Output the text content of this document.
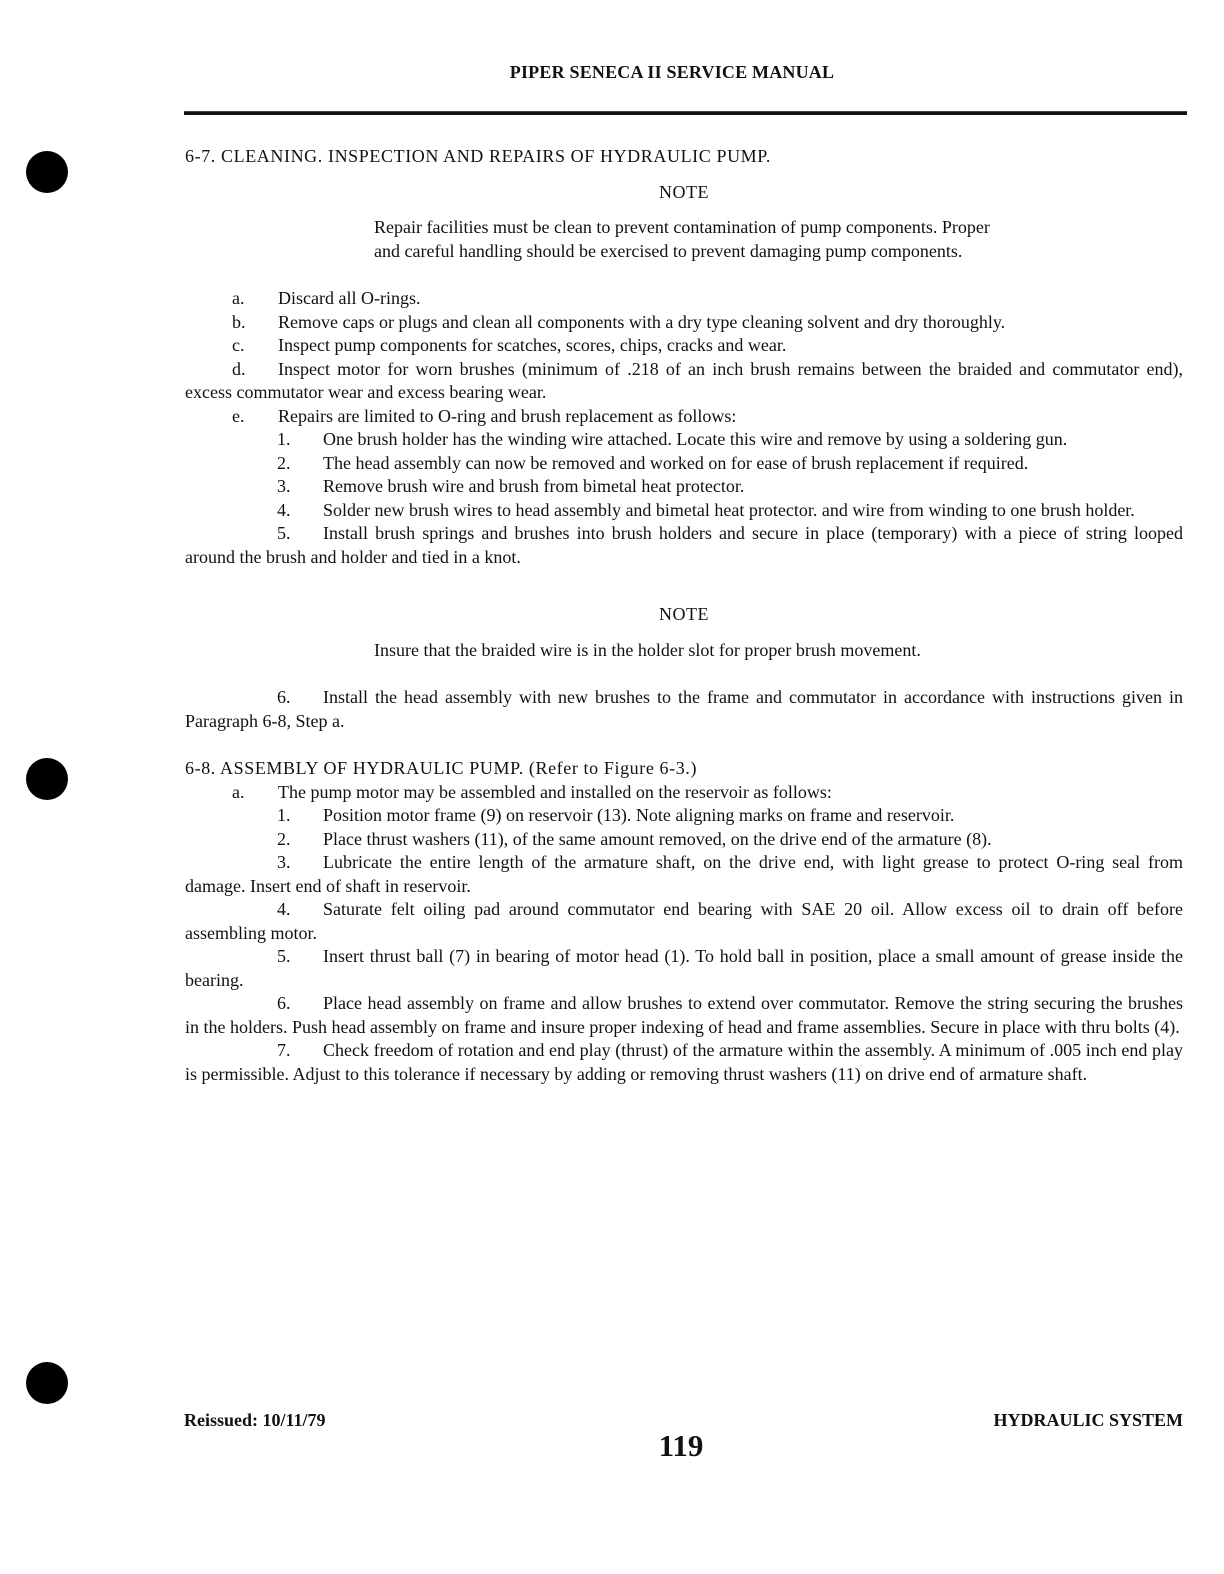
PIPER SENECA II SERVICE MANUAL

6-7. CLEANING. INSPECTION AND REPAIRS OF HYDRAULIC PUMP.

NOTE

Repair facilities must be clean to prevent contamination of pump components. Proper and careful handling should be exercised to prevent damaging pump components.

a. Discard all O-rings.

b. Remove caps or plugs and clean all components with a dry type cleaning solvent and dry thoroughly.

c. Inspect pump components for scatches, scores, chips, cracks and wear.

d. Inspect motor for worn brushes (minimum of .218 of an inch brush remains between the braided and commutator end), excess commutator wear and excess bearing wear.

e. Repairs are limited to O-ring and brush replacement as follows:

1. One brush holder has the winding wire attached. Locate this wire and remove by using a soldering gun.

2. The head assembly can now be removed and worked on for ease of brush replacement if required.

3. Remove brush wire and brush from bimetal heat protector.

4. Solder new brush wires to head assembly and bimetal heat protector. and wire from winding to one brush holder.

5. Install brush springs and brushes into brush holders and secure in place (temporary) with a piece of string looped around the brush and holder and tied in a knot.

NOTE

Insure that the braided wire is in the holder slot for proper brush movement.

6. Install the head assembly with new brushes to the frame and commutator in accordance with instructions given in Paragraph 6-8, Step a.

6-8. ASSEMBLY OF HYDRAULIC PUMP. (Refer to Figure 6-3.)

a. The pump motor may be assembled and installed on the reservoir as follows:

1. Position motor frame (9) on reservoir (13). Note aligning marks on frame and reservoir.

2. Place thrust washers (11), of the same amount removed, on the drive end of the armature (8).

3. Lubricate the entire length of the armature shaft, on the drive end, with light grease to protect O-ring seal from damage. Insert end of shaft in reservoir.

4. Saturate felt oiling pad around commutator end bearing with SAE 20 oil. Allow excess oil to drain off before assembling motor.

5. Insert thrust ball (7) in bearing of motor head (1). To hold ball in position, place a small amount of grease inside the bearing.

6. Place head assembly on frame and allow brushes to extend over commutator. Remove the string securing the brushes in the holders. Push head assembly on frame and insure proper indexing of head and frame assemblies. Secure in place with thru bolts (4).

7. Check freedom of rotation and end play (thrust) of the armature within the assembly. A minimum of .005 inch end play is permissible. Adjust to this tolerance if necessary by adding or removing thrust washers (11) on drive end of armature shaft.

Reissued: 10/11/79
119
HYDRAULIC SYSTEM
